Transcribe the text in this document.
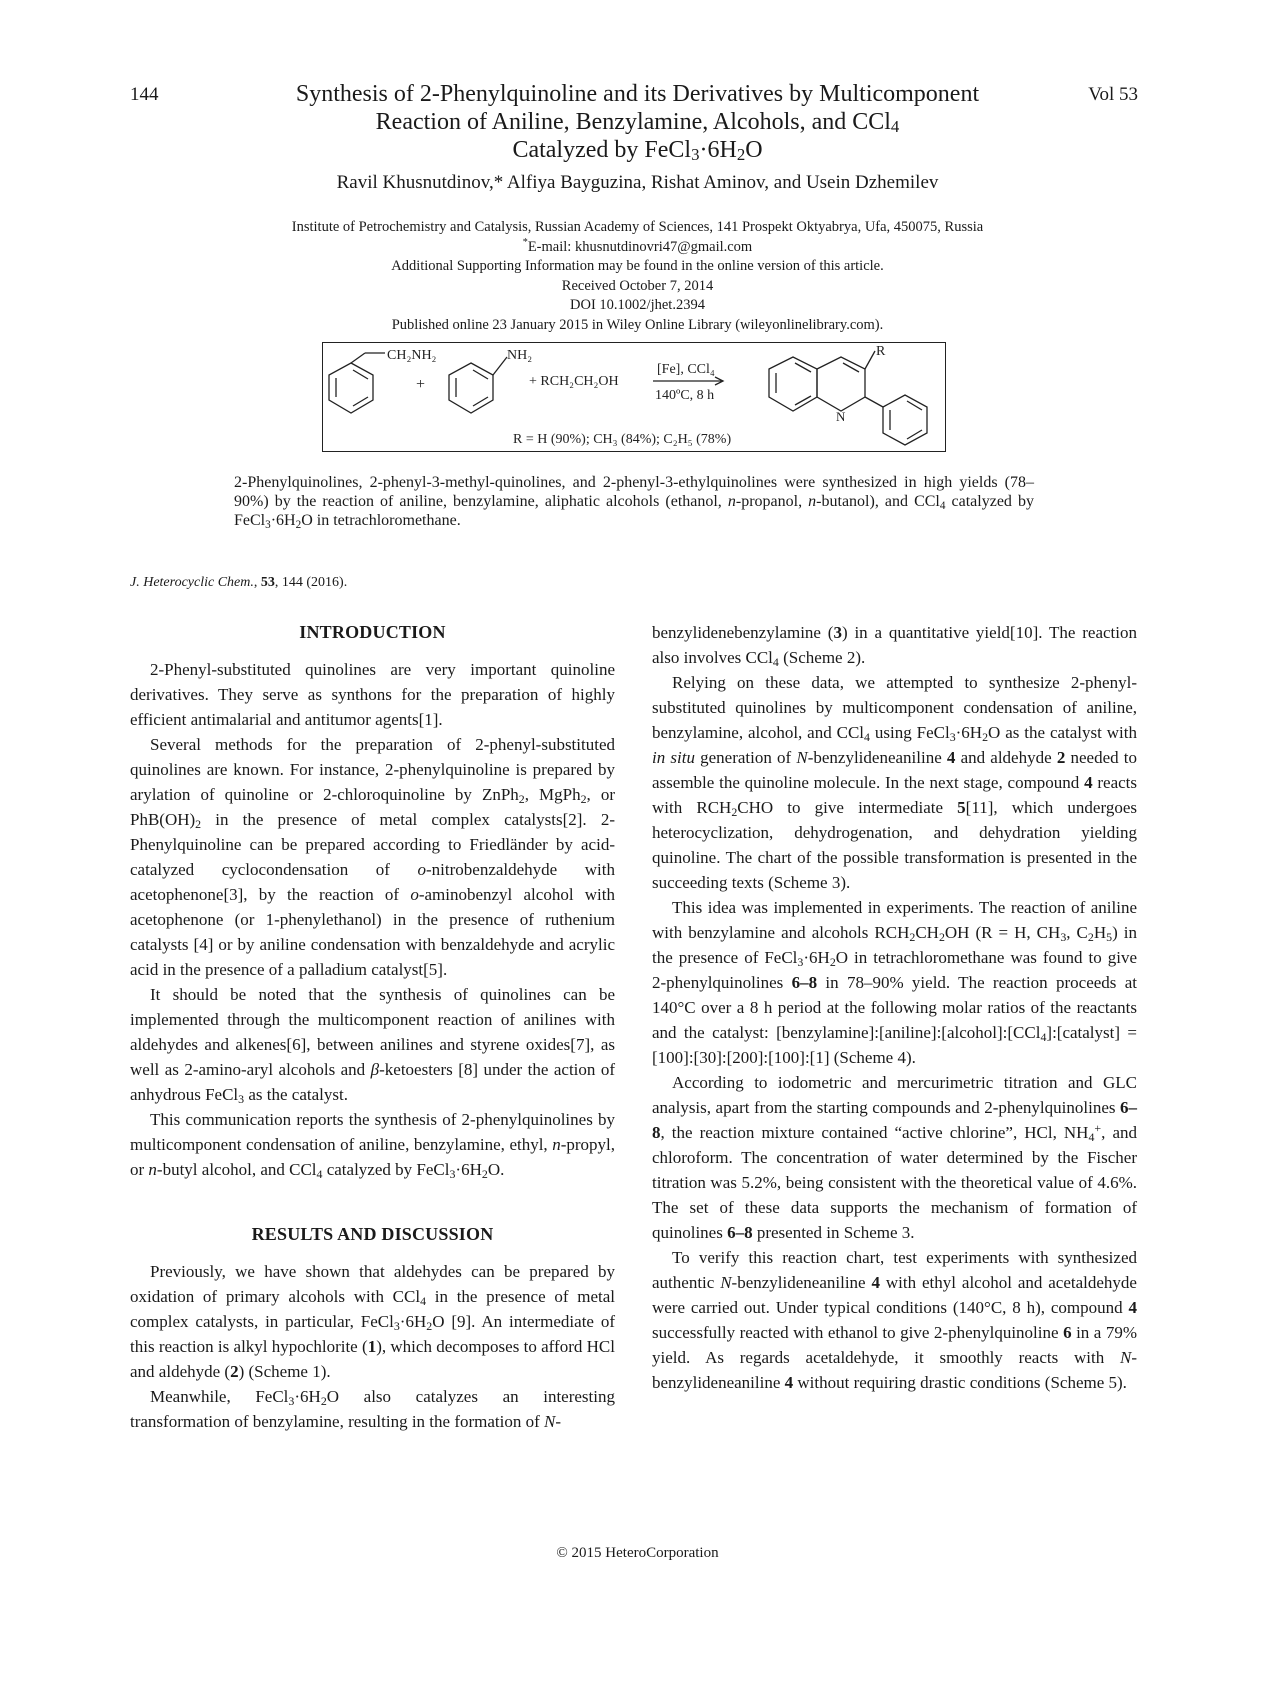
144	Vol 53
Synthesis of 2-Phenylquinoline and its Derivatives by Multicomponent
Reaction of Aniline, Benzylamine, Alcohols, and CCl$_4$
Catalyzed by $FeCl_3\cdot 6H_2O$
Ravil Khusnutdinov,* Alfiya Bayguzina, Rishat Aminov, and Usein Dzhemilev
Institute of Petrochemistry and Catalysis, Russian Academy of Sciences, 141 Prospekt Oktyabrya, Ufa, 450075, Russia
*E-mail: khusnutdinovri47@gmail.com
Additional Supporting Information may be found in the online version of this article.
Received October 7, 2014
DOI 10.1002/jhet.2394
Published online 23 January 2015 in Wiley Online Library (wileyonlinelibrary.com).
CH₂NH₂
+
NH₂
+ RCH₂CH₂OH
[Fe], CCl₄
140ºC, 8 h
R
N
R = H (90%); CH₃ (84%); C₂H₅ (78%)
2-Phenylquinolines, 2-phenyl-3-methyl-quinolines, and 2-phenyl-3-ethylquinolines were synthesized in high yields (78–90%) by the reaction of aniline, benzylamine, aliphatic alcohols (ethanol, n-propanol, n-butanol), and CCl$_4$ catalyzed by $FeCl_3\cdot 6H_2O$ in tetrachloromethane.
J. Heterocyclic Chem., 53, 144 (2016).
INTRODUCTION

2-Phenyl-substituted quinolines are very important quinoline derivatives. They serve as synthons for the preparation of highly efficient antimalarial and antitumor agents[1].

Several methods for the preparation of 2-phenyl-substituted quinolines are known. For instance, 2-phenylquinoline is prepared by arylation of quinoline or 2-chloroquinoline by ZnPh$_2$, MgPh$_2$, or $PhB(OH)_2$ in the presence of metal complex catalysts[2]. 2-Phenylquinoline can be prepared according to Friedländer by acid-catalyzed cyclocondensation of o-nitrobenzaldehyde with acetophenone[3], by the reaction of o-aminobenzyl alcohol with acetophenone (or 1-phenylethanol) in the presence of ruthenium catalysts [4] or by aniline condensation with benzaldehyde and acrylic acid in the presence of a palladium catalyst[5].

It should be noted that the synthesis of quinolines can be implemented through the multicomponent reaction of anilines with aldehydes and alkenes[6], between anilines and styrene oxides[7], as well as 2-amino-aryl alcohols and β-ketoesters [8] under the action of anhydrous FeCl$_3$ as the catalyst.

This communication reports the synthesis of 2-phenylquinolines by multicomponent condensation of aniline, benzylamine, ethyl, n-propyl, or n-butyl alcohol, and CCl$_4$ catalyzed by $FeCl_3\cdot 6H_2O$.

RESULTS AND DISCUSSION

Previously, we have shown that aldehydes can be prepared by oxidation of primary alcohols with CCl$_4$ in the presence of metal complex catalysts, in particular, $FeCl_3\cdot 6H_2O$ [9]. An intermediate of this reaction is alkyl hypochlorite (1), which decomposes to afford HCl and aldehyde (2) (Scheme 1).

Meanwhile, $FeCl_3\cdot 6H_2O$ also catalyzes an interesting transformation of benzylamine, resulting in the formation of N-

benzylidenebenzylamine (3) in a quantitative yield[10]. The reaction also involves CCl$_4$ (Scheme 2).

Relying on these data, we attempted to synthesize 2-phenyl-substituted quinolines by multicomponent condensation of aniline, benzylamine, alcohol, and CCl$_4$ using $FeCl_3\cdot 6H_2O$ as the catalyst with in situ generation of N-benzylideneaniline 4 and aldehyde 2 needed to assemble the quinoline molecule. In the next stage, compound 4 reacts with $RCH_2CHO$ to give intermediate 5[11], which undergoes heterocyclization, dehydrogenation, and dehydration yielding quinoline. The chart of the possible transformation is presented in the succeeding texts (Scheme 3).

This idea was implemented in experiments. The reaction of aniline with benzylamine and alcohols $RCH_2CH_2OH$ (R = H, $CH_3$, $C_2H_5$) in the presence of $FeCl_3\cdot 6H_2O$ in tetrachloromethane was found to give 2-phenylquinolines 6–8 in 78–90% yield. The reaction proceeds at 140°C over a 8 h period at the following molar ratios of the reactants and the catalyst: [benzylamine]:[aniline]:[alcohol]:[CCl$_4$]:[catalyst] = [100]:[30]:[200]:[100]:[1] (Scheme 4).

According to iodometric and mercurimetric titration and GLC analysis, apart from the starting compounds and 2-phenylquinolines 6–8, the reaction mixture contained “active chlorine”, HCl, $NH_4^+$, and chloroform. The concentration of water determined by the Fischer titration was 5.2%, being consistent with the theoretical value of 4.6%. The set of these data supports the mechanism of formation of quinolines 6–8 presented in Scheme 3.

To verify this reaction chart, test experiments with synthesized authentic N-benzylideneaniline 4 with ethyl alcohol and acetaldehyde were carried out. Under typical conditions (140°C, 8 h), compound 4 successfully reacted with ethanol to give 2-phenylquinoline 6 in a 79% yield. As regards acetaldehyde, it smoothly reacts with N-benzylideneaniline 4 without requiring drastic conditions (Scheme 5).

© 2015 HeteroCorporation
